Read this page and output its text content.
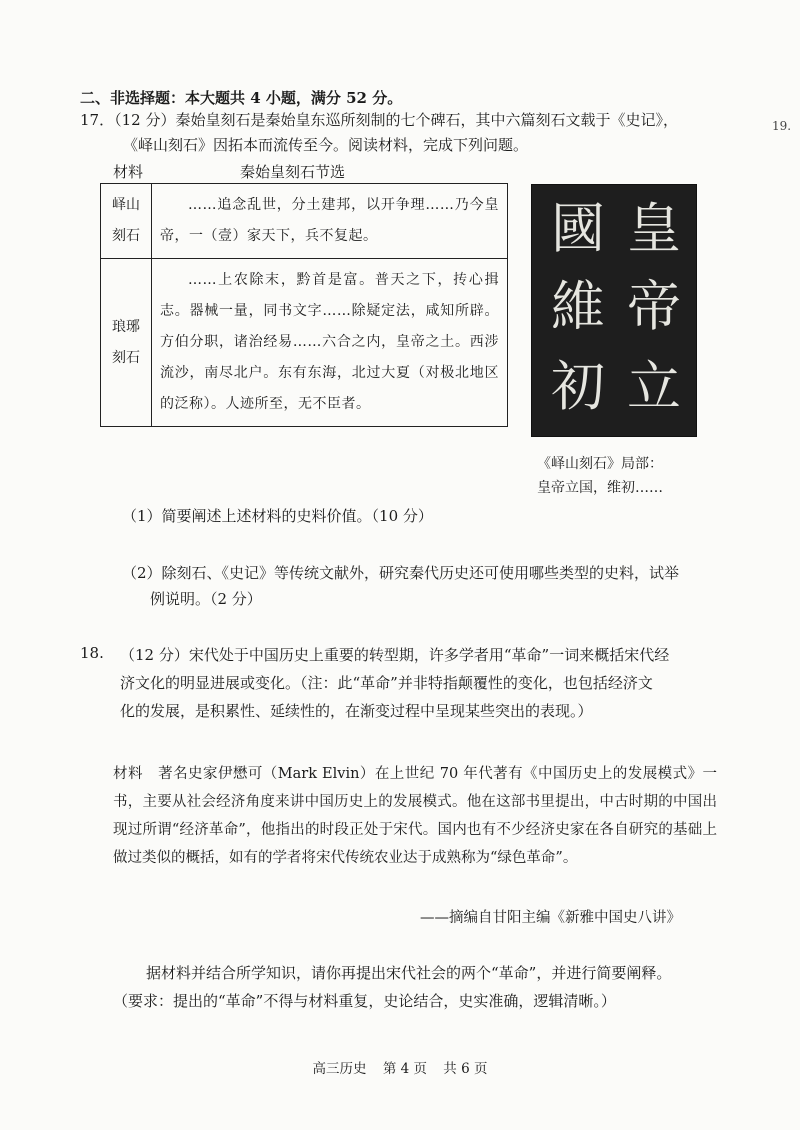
二、非选择题：本大题共 4 小题，满分 52 分。
17．（12 分）秦始皇刻石是秦始皇东巡所刻制的七个碑石，其中六篇刻石文载于《史记》，
《峄山刻石》因拓本而流传至今。阅读材料，完成下列问题。
19.
材料	秦始皇刻石节选
峄山
刻石	……追念乱世，分土建邦，以开争理……乃今皇帝，一（壹）家天下，兵不复起。

琅琊
刻石	……上农除末，黔首是富。普天之下，抟心揖志。器械一量，同书文字……除疑定法，咸知所辟。方伯分职，诸治经易……六合之内，皇帝之土。西涉流沙，南尽北户。东有东海，北过大夏（对极北地区的泛称）。人迹所至，无不臣者。
皇
帝
立
國
維
初
《峄山刻石》局部：
皇帝立国，维初……
（1）简要阐述上述材料的史料价值。（10 分）
（2）除刻石、《史记》等传统文献外，研究秦代历史还可使用哪些类型的史料，试举
例说明。（2 分）
18. （12 分）宋代处于中国历史上重要的转型期，许多学者用“革命”一词来概括宋代经
济文化的明显进展或变化。（注：此“革命”并非特指颠覆性的变化，也包括经济文
化的发展，是积累性、延续性的，在渐变过程中呈现某些突出的表现。）
材料 著名史家伊懋可（Mark Elvin）在上世纪 70 年代著有《中国历史上的发展模式》一书，主要从社会经济角度来讲中国历史上的发展模式。他在这部书里提出，中古时期的中国出现过所谓“经济革命”，他指出的时段正处于宋代。国内也有不少经济史家在各自研究的基础上做过类似的概括，如有的学者将宋代传统农业达于成熟称为“绿色革命”。
——摘编自甘阳主编《新雅中国史八讲》
据材料并结合所学知识，请你再提出宋代社会的两个“革命”，并进行简要阐释。
（要求：提出的“革命”不得与材料重复，史论结合，史实准确，逻辑清晰。）
高三历史 第 4 页 共 6 页
